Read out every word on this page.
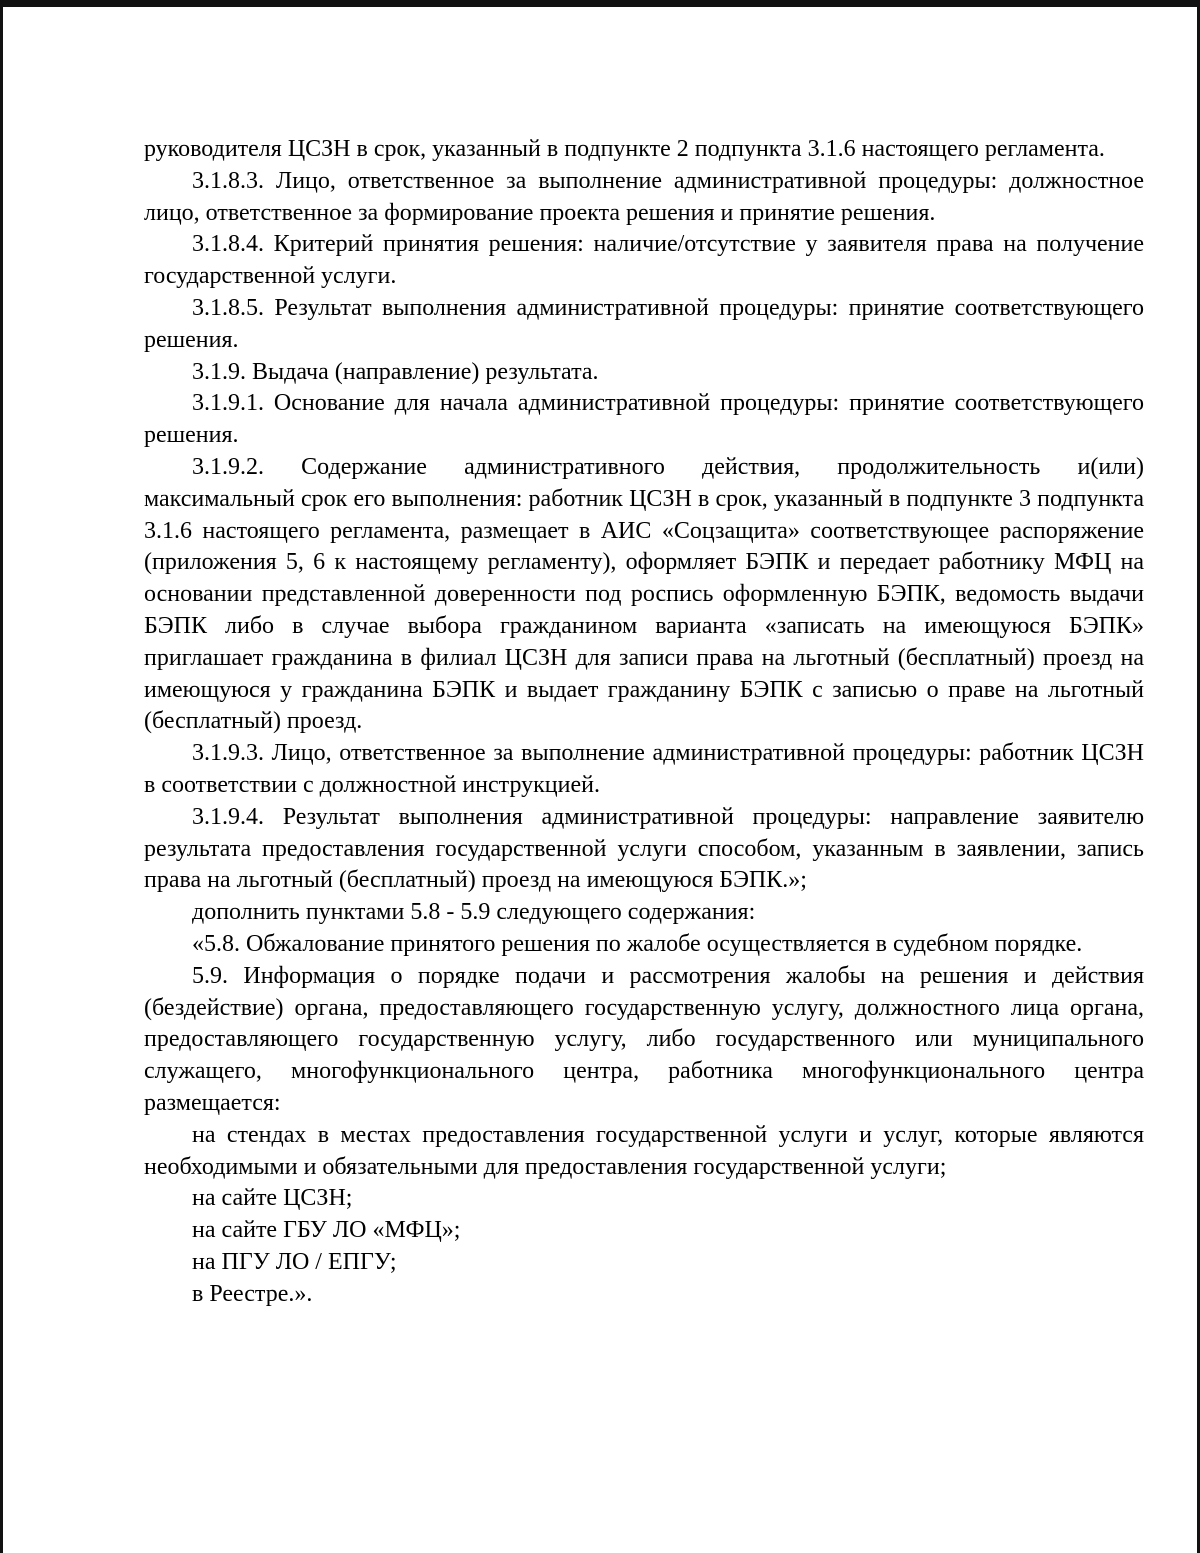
руководителя ЦСЗН в срок, указанный в подпункте 2 подпункта 3.1.6 настоящего регламента.

3.1.8.3. Лицо, ответственное за выполнение административной процедуры: должностное лицо, ответственное за формирование проекта решения и принятие решения.

3.1.8.4. Критерий принятия решения: наличие/отсутствие у заявителя права на получение государственной услуги.

3.1.8.5. Результат выполнения административной процедуры: принятие соответствующего решения.

3.1.9. Выдача (направление) результата.

3.1.9.1. Основание для начала административной процедуры: принятие соответствующего решения.

3.1.9.2. Содержание административного действия, продолжительность и(или) максимальный срок его выполнения: работник ЦСЗН в срок, указанный в подпункте 3 подпункта 3.1.6 настоящего регламента, размещает в АИС «Соцзащита» соответствующее распоряжение (приложения 5, 6 к настоящему регламенту), оформляет БЭПК и передает работнику МФЦ на основании представленной доверенности под роспись оформленную БЭПК, ведомость выдачи БЭПК либо в случае выбора гражданином варианта «записать на имеющуюся БЭПК» приглашает гражданина в филиал ЦСЗН для записи права на льготный (бесплатный) проезд на имеющуюся у гражданина БЭПК и выдает гражданину БЭПК с записью о праве на льготный (бесплатный) проезд.

3.1.9.3. Лицо, ответственное за выполнение административной процедуры: работник ЦСЗН в соответствии с должностной инструкцией.

3.1.9.4. Результат выполнения административной процедуры: направление заявителю результата предоставления государственной услуги способом, указанным в заявлении, запись права на льготный (бесплатный) проезд на имеющуюся БЭПК.»;

дополнить пунктами 5.8 - 5.9 следующего содержания:

«5.8. Обжалование принятого решения по жалобе осуществляется в судебном порядке.

5.9. Информация о порядке подачи и рассмотрения жалобы на решения и действия (бездействие) органа, предоставляющего государственную услугу, должностного лица органа, предоставляющего государственную услугу, либо государственного или муниципального служащего, многофункционального центра, работника многофункционального центра размещается:

на стендах в местах предоставления государственной услуги и услуг, которые являются необходимыми и обязательными для предоставления государственной услуги;

на сайте ЦСЗН;

на сайте ГБУ ЛО «МФЦ»;

на ПГУ ЛО / ЕПГУ;

в Реестре.».
